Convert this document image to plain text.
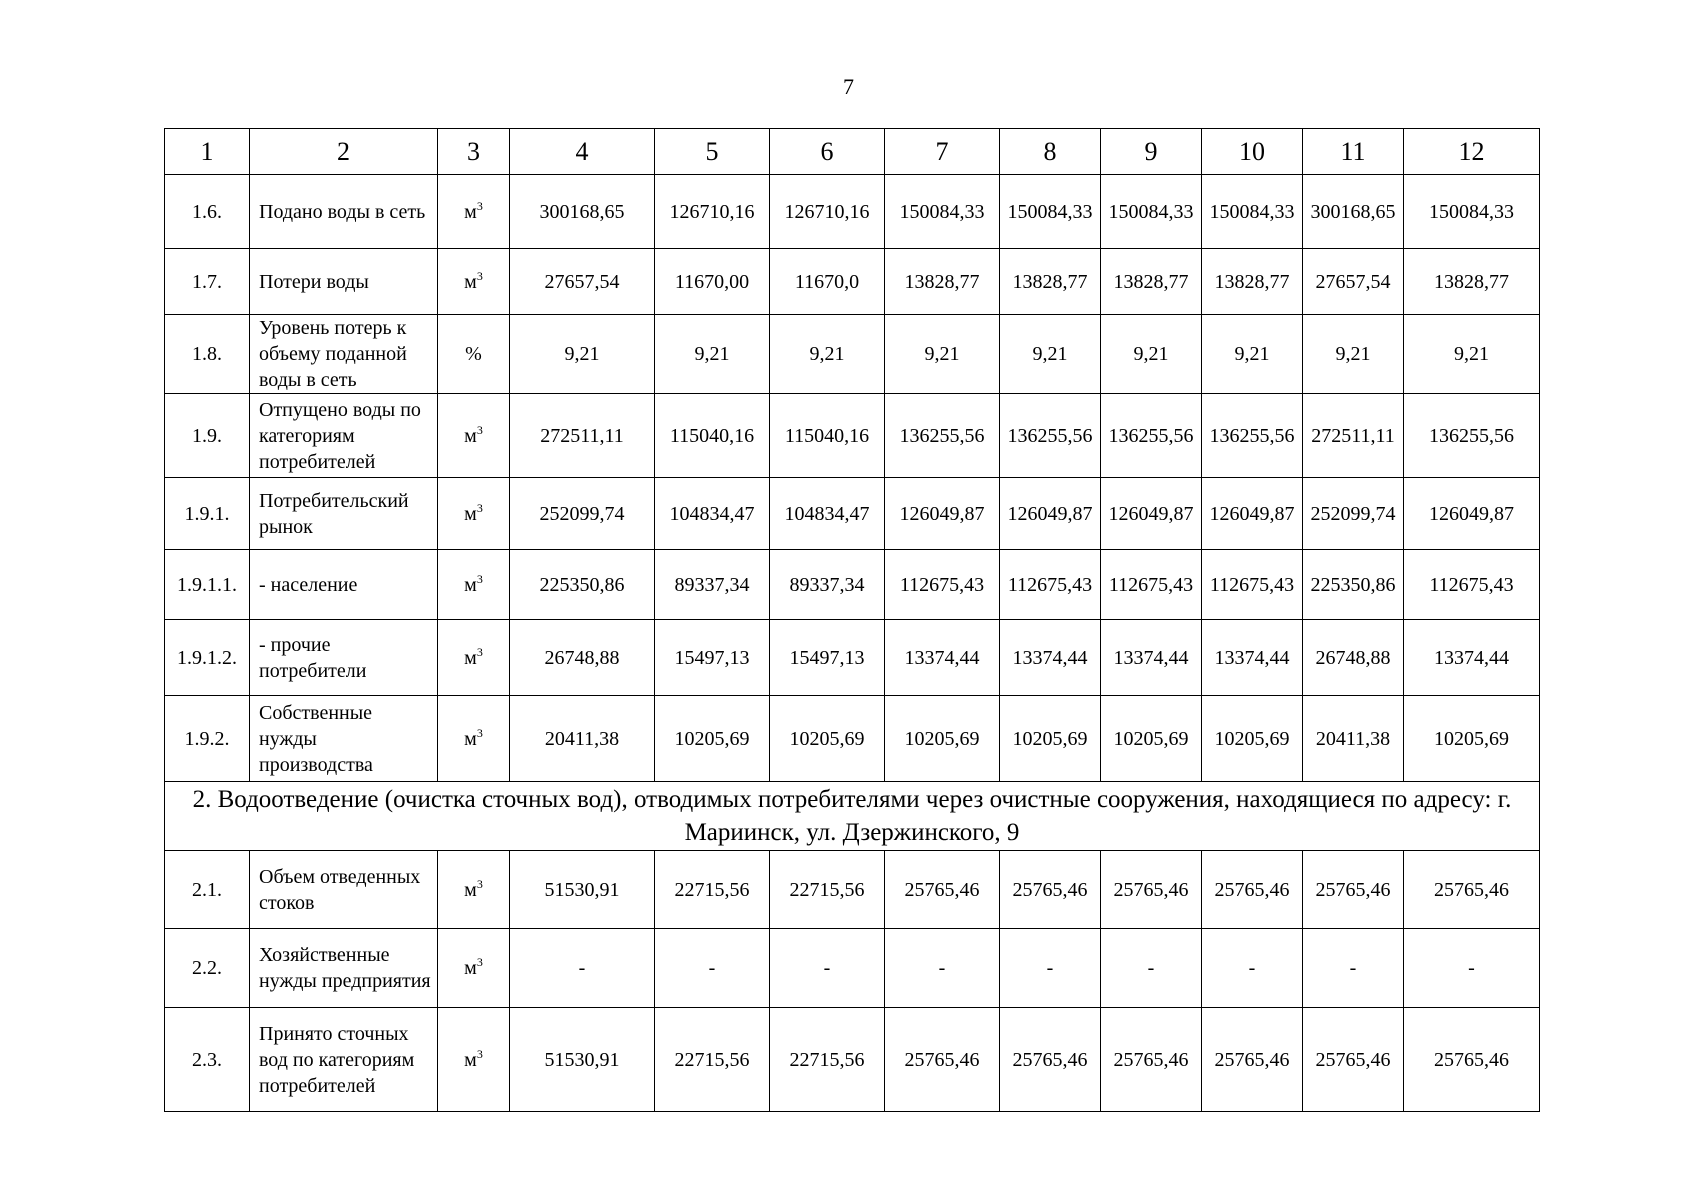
7
1	2	3	4	5	6	7	8	9	10	11	12
1.6.	Подано воды в сеть	$м^3$	300168,65	126710,16	126710,16	150084,33	150084,33	150084,33	150084,33	300168,65	150084,33
1.7.	Потери воды	$м^3$	27657,54	11670,00	11670,0	13828,77	13828,77	13828,77	13828,77	27657,54	13828,77
1.8.	Уровень потерь к объему поданной воды в сеть	%	9,21	9,21	9,21	9,21	9,21	9,21	9,21	9,21	9,21
1.9.	Отпущено воды по категориям потребителей	$м^3$	272511,11	115040,16	115040,16	136255,56	136255,56	136255,56	136255,56	272511,11	136255,56
1.9.1.	Потребительский рынок	$м^3$	252099,74	104834,47	104834,47	126049,87	126049,87	126049,87	126049,87	252099,74	126049,87
1.9.1.1.	- население	$м^3$	225350,86	89337,34	89337,34	112675,43	112675,43	112675,43	112675,43	225350,86	112675,43
1.9.1.2.	- прочие потребители	$м^3$	26748,88	15497,13	15497,13	13374,44	13374,44	13374,44	13374,44	26748,88	13374,44
1.9.2.	Собственные нужды производства	$м^3$	20411,38	10205,69	10205,69	10205,69	10205,69	10205,69	10205,69	20411,38	10205,69
2. Водоотведение (очистка сточных вод), отводимых потребителями через очистные сооружения, находящиеся по адресу: г. Мариинск, ул. Дзержинского, 9											
2.1.	Объем отведенных стоков	$м^3$	51530,91	22715,56	22715,56	25765,46	25765,46	25765,46	25765,46	25765,46	25765,46
2.2.	Хозяйственные нужды предприятия	$м^3$	-	-	-	-	-	-	-	-	-
2.3.	Принято сточных вод по категориям потребителей	$м^3$	51530,91	22715,56	22715,56	25765,46	25765,46	25765,46	25765,46	25765,46	25765,46
